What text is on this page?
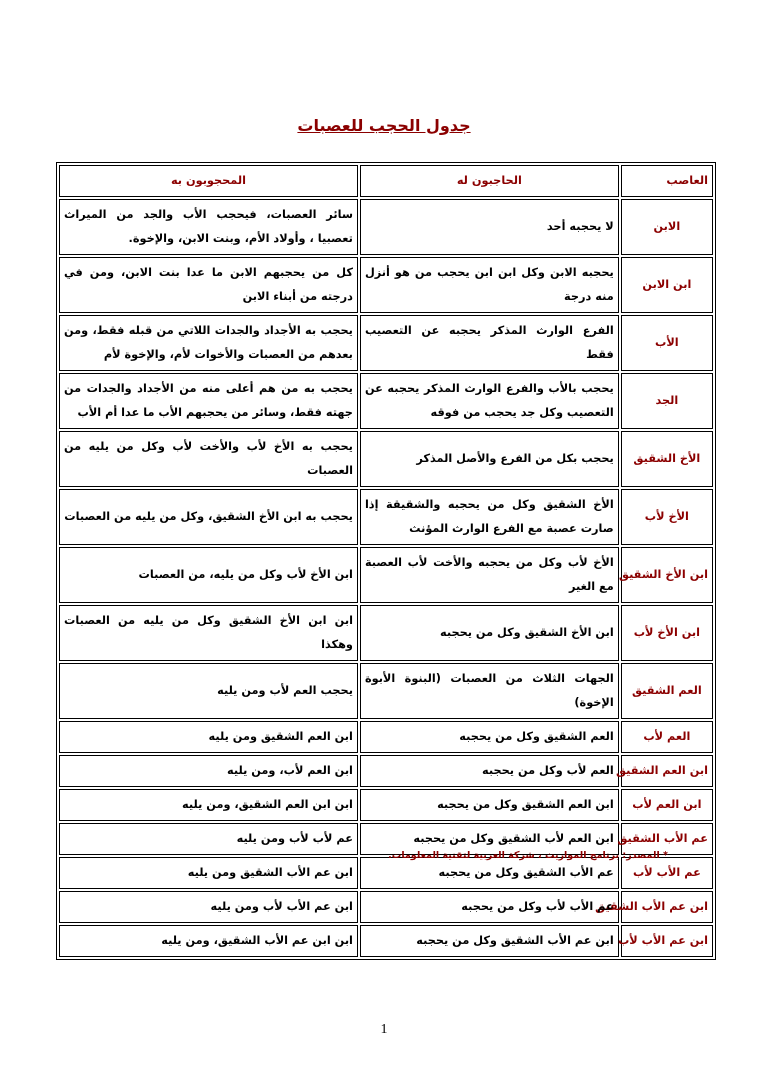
جدول الحجب للعصبات
العاصب	الحاجبون له	المحجوبون به
الابن	لا يحجبه أحد	سائر العصبات، فيحجب الأب والجد من الميراث تعصبيا ، وأولاد الأم، وبنت الابن، والإخوة.
ابن الابن	يحجبه الابن وكل ابن ابن يحجب من هو أنزل منه درجة	كل من يحجبهم الابن ما عدا بنت الابن، ومن في درجته من أبناء الابن
الأب	الفرع الوارث المذكر يحجبه عن التعصيب فقط	يحجب به الأجداد والجدات اللاتي من قبله فقط، ومن بعدهم من العصبات والأخوات لأم، والإخوة لأم
الجد	يحجب بالأب والفرع الوارث المذكر يحجبه عن التعصيب وكل جد يحجب من فوقه	يحجب به من هم أعلى منه من الأجداد والجدات من جهته فقط، وسائر من يحجبهم الأب ما عدا أم الأب
الأخ الشقيق	يحجب بكل من الفرع والأصل المذكر	يحجب به الأخ لأب والأخت لأب وكل من يليه من العصبات
الأخ لأب	الأخ الشقيق وكل من يحجبه والشقيقة إذا صارت عصبة مع الفرع الوارث المؤنث	يحجب به ابن الأخ الشقيق، وكل من يليه من العصبات
ابن الأخ الشقيق	الأخ لأب وكل من يحجبه والأخت لأب العصبة مع الغير	ابن الأخ لأب وكل من يليه، من العصبات
ابن الأخ لأب	ابن الأخ الشقيق وكل من يحجبه	ابن ابن الأخ الشقيق وكل من يليه من العصبات وهكذا
العم الشقيق	الجهات الثلاث من العصبات (البنوة الأبوة الإخوة)	يحجب العم لأب ومن يليه
العم لأب	العم الشقيق وكل من يحجبه	ابن العم الشقيق ومن يليه
ابن العم الشقيق	العم لأب وكل من يحجبه	ابن العم لأب، ومن يليه
ابن العم لأب	ابن العم الشقيق وكل من يحجبه	ابن ابن العم الشقيق، ومن يليه
عم الأب الشقيق	ابن العم لأب الشقيق وكل من يحجبه	عم لأب لأب ومن يليه
عم الأب لأب	عم الأب الشقيق وكل من يحجبه	ابن عم الأب الشقيق ومن يليه
ابن عم الأب الشقيق	عم الأب لأب وكل من يحجبه	ابن عم الأب لأب ومن يليه
ابن عم الأب لأب	ابن عم الأب الشقيق وكل من يحجبه	ابن ابن عم الأب الشقيق، ومن يليه
* المصدر: برنامج المواريث ، شركة العربية لتقنية المعلومات.
1
